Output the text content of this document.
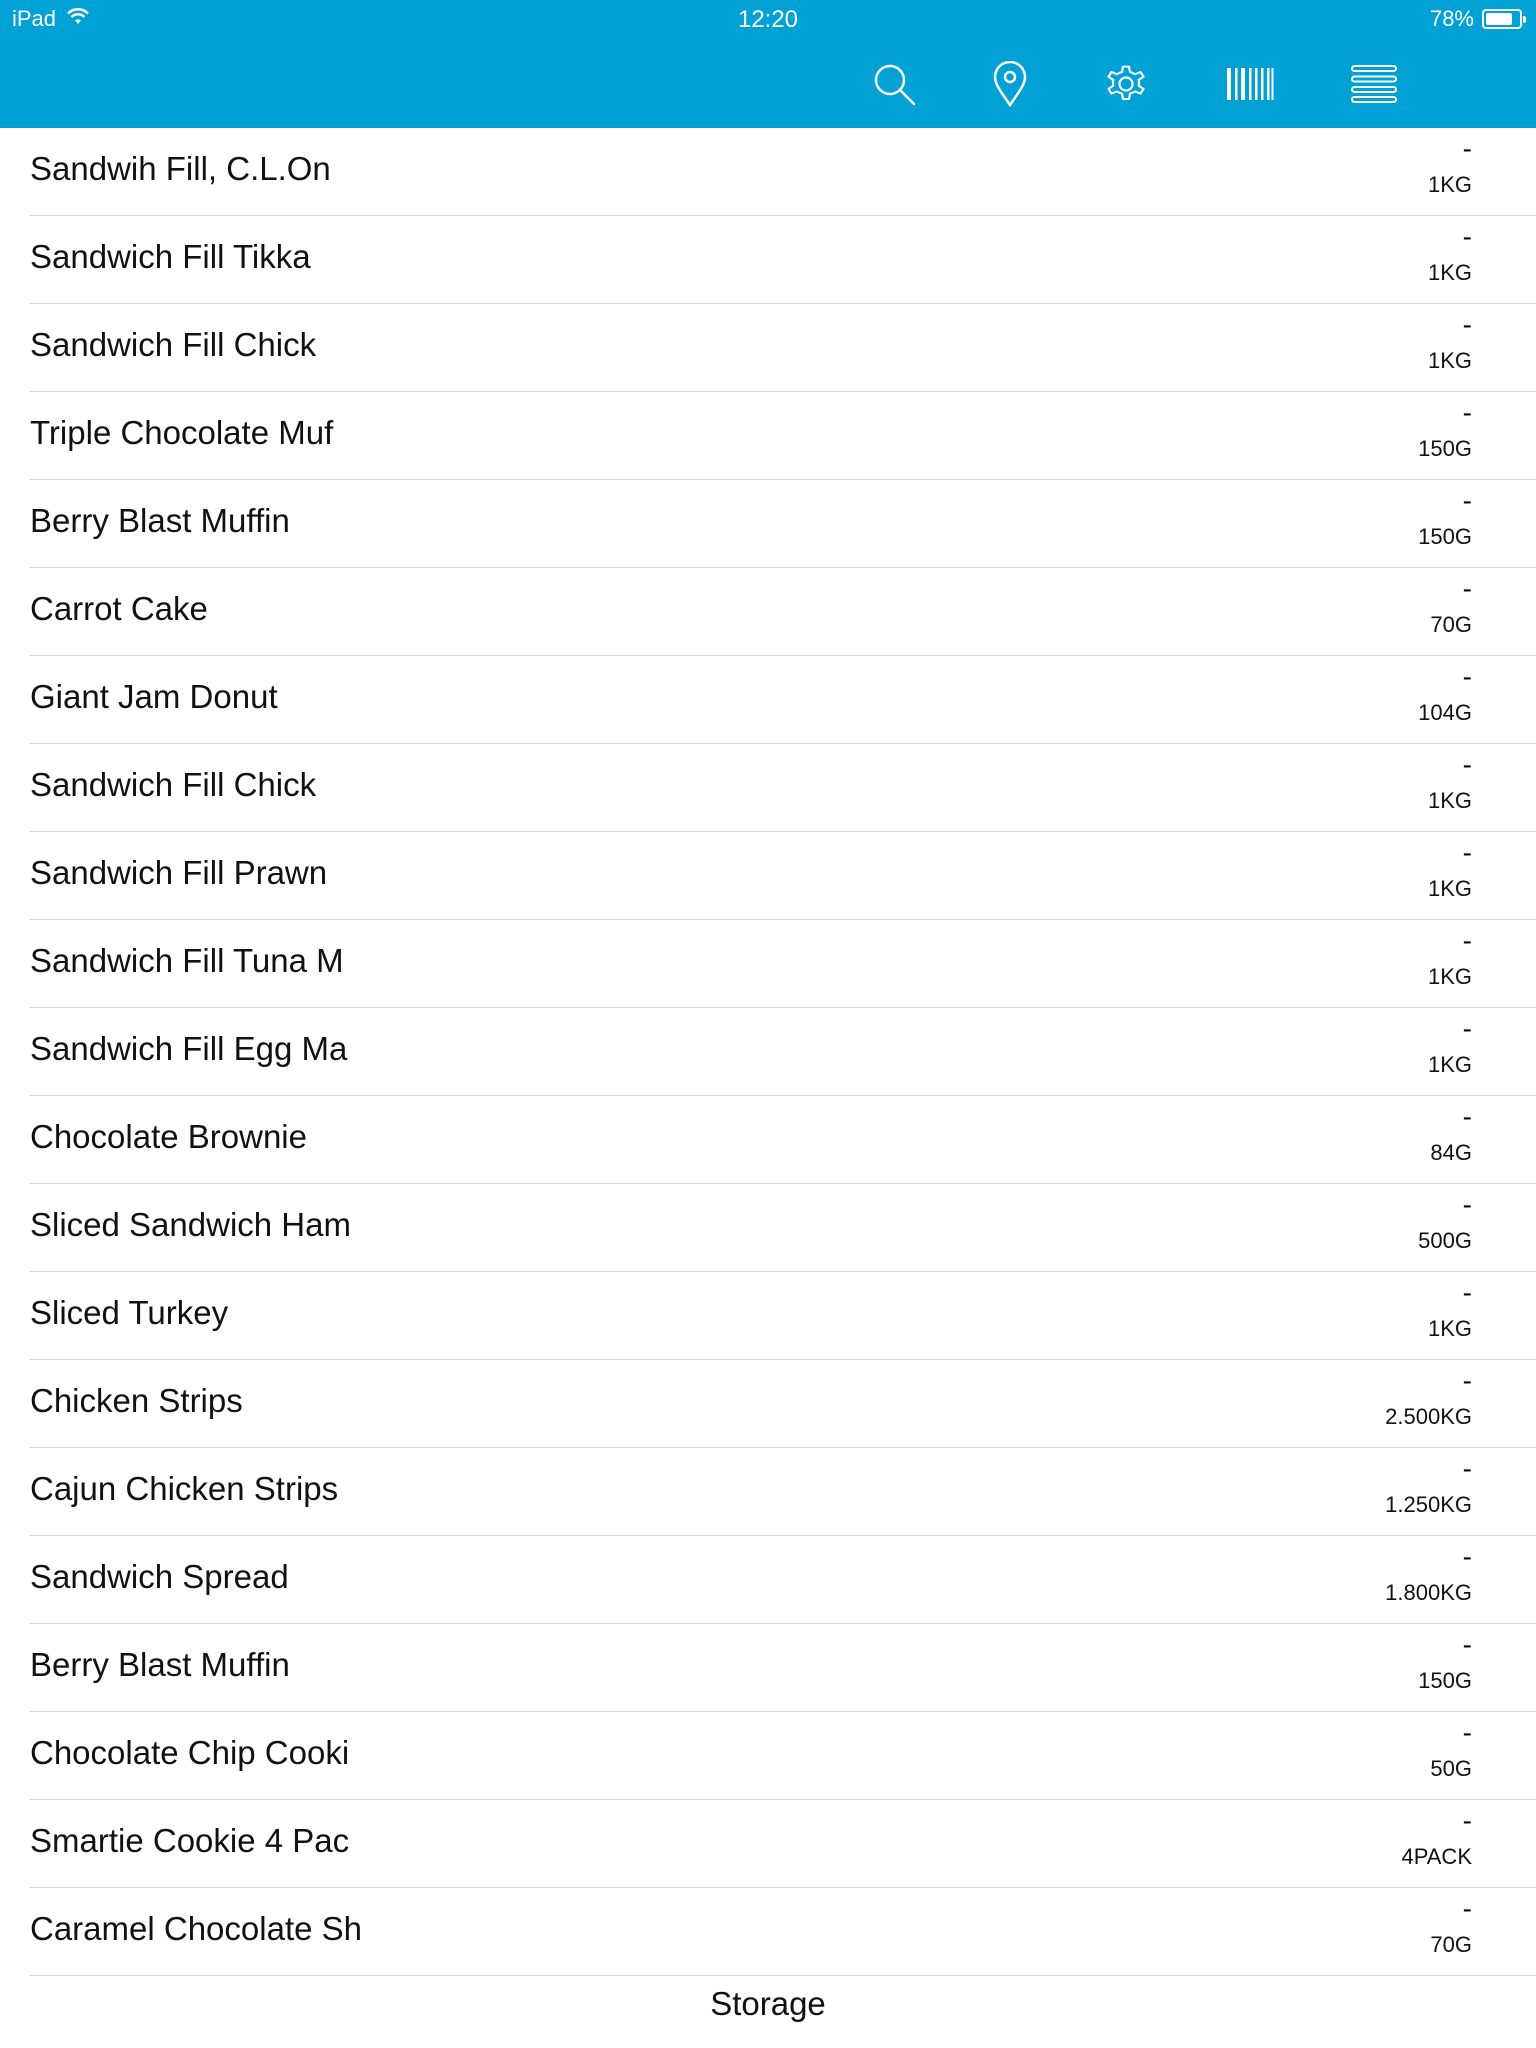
iPad	12:20	78%
Sandwih Fill, C.L.On
-
1KG
Sandwich Fill Tikka
-
1KG
Sandwich Fill Chick
-
1KG
Triple Chocolate Muf
-
150G
Berry Blast Muffin
-
150G
Carrot Cake
-
70G
Giant Jam Donut
-
104G
Sandwich Fill Chick
-
1KG
Sandwich Fill Prawn
-
1KG
Sandwich Fill Tuna M
-
1KG
Sandwich Fill Egg Ma
-
1KG
Chocolate Brownie
-
84G
Sliced Sandwich Ham
-
500G
Sliced Turkey
-
1KG
Chicken Strips
-
2.500KG
Cajun Chicken Strips
-
1.250KG
Sandwich Spread
-
1.800KG
Berry Blast Muffin
-
150G
Chocolate Chip Cooki
-
50G
Smartie Cookie 4 Pac
-
4PACK
Caramel Chocolate Sh
-
70G
Storage
